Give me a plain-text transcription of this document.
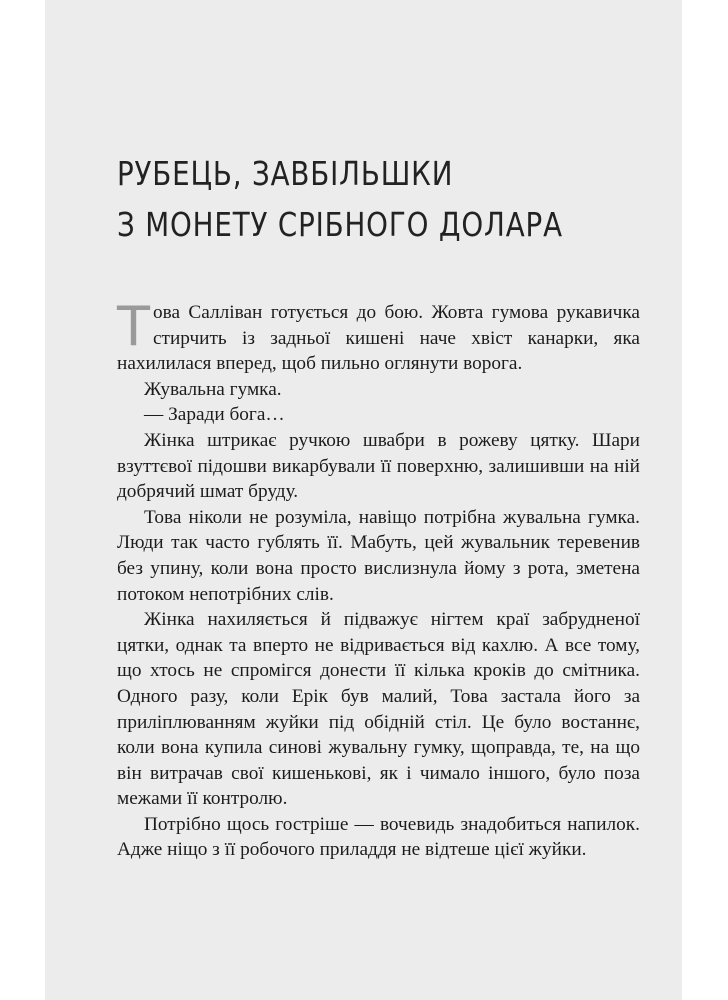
РУБЕЦЬ, ЗАВБІЛЬШКИ
З МОНЕТУ СРІБНОГО ДОЛАРА

Това Салліван готується до бою. Жовта гумова рукавичка стирчить із задньої кишені наче хвіст канарки, яка нахилилася вперед, щоб пильно оглянути ворога.

Жувальна гумка.

— Заради бога…

Жінка штрикає ручкою швабри в рожеву цятку. Шари взуттєвої підошви викарбували її поверхню, залишивши на ній добрячий шмат бруду.

Това ніколи не розуміла, навіщо потрібна жувальна гумка. Люди так часто гублять її. Мабуть, цей жувальник теревенив без упину, коли вона просто вислизнула йому з рота, зметена потоком непотрібних слів.

Жінка нахиляється й підважує нігтем краї забрудненої цятки, однак та вперто не відривається від кахлю. А все тому, що хтось не спромігся донести її кілька кроків до смітника. Одного разу, коли Ерік був малий, Това застала його за приліплюванням жуйки під обідній стіл. Це було востаннє, коли вона купила синові жувальну гумку, щоправда, те, на що він витрачав свої кишенькові, як і чимало іншого, було поза межами її контролю.

Потрібно щось гостріше — вочевидь знадобиться напилок. Адже ніщо з її робочого приладдя не відтеше цієї жуйки.
